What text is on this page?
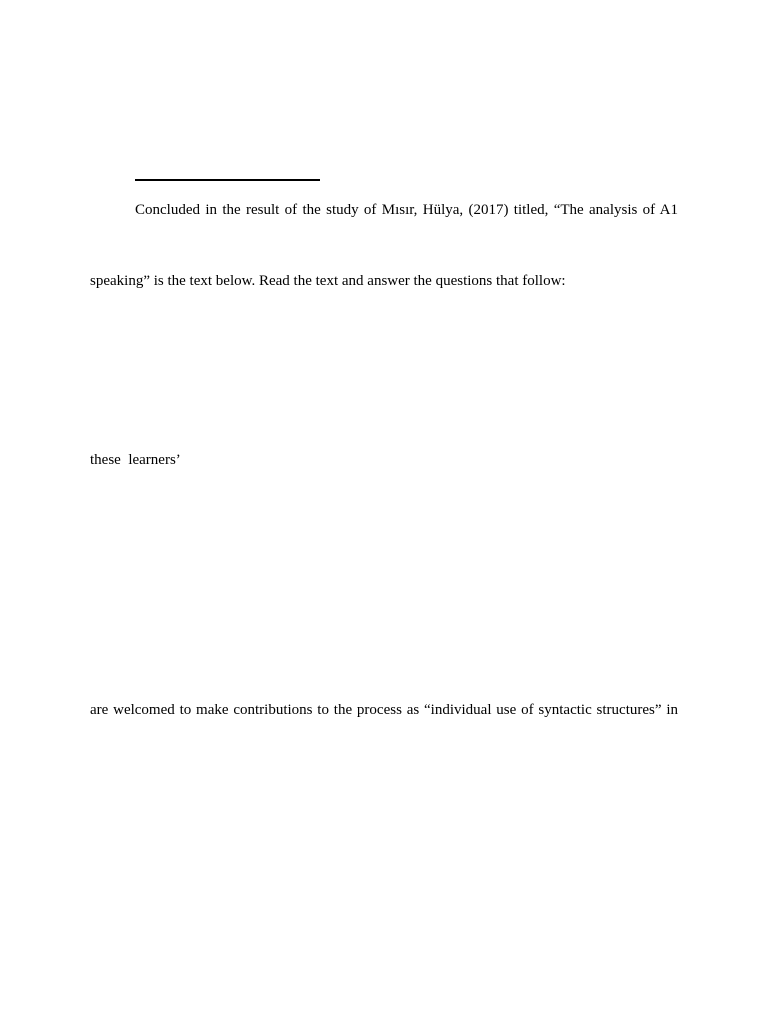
Concluded in the result of the study of Mısır, Hülya, (2017) titled, “The analysis of A1
speaking” is the text below. Read the text and answer the questions that follow:
these  learners’
are welcomed to make contributions to the process as “individual use of syntactic structures” in
